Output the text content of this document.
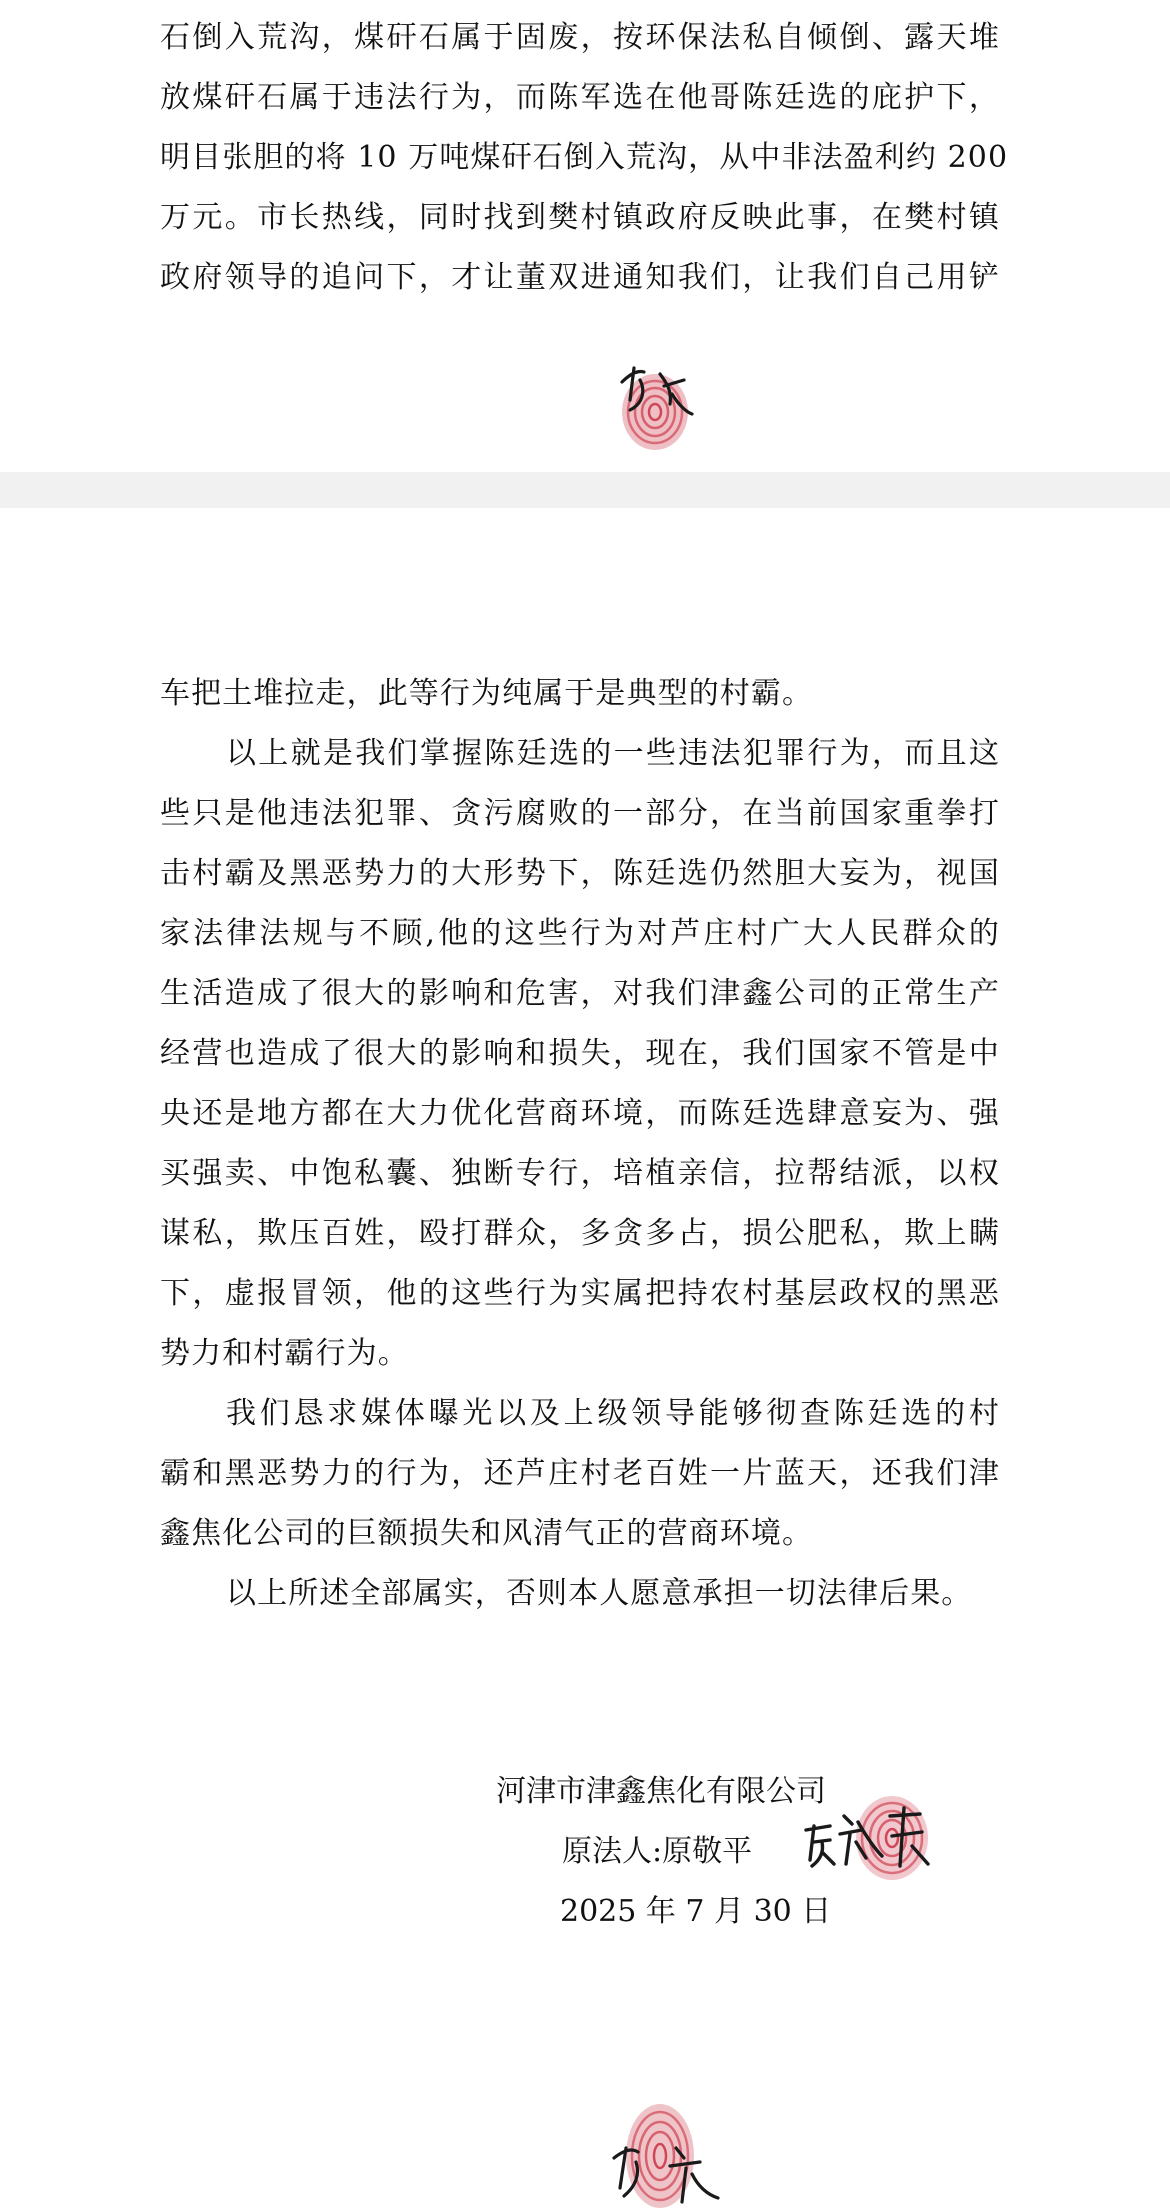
石倒入荒沟，煤矸石属于固废，按环保法私自倾倒、露天堆
放煤矸石属于违法行为，而陈军选在他哥陈廷选的庇护下，
明目张胆的将 10 万吨煤矸石倒入荒沟，从中非法盈利约 200
万元。市长热线，同时找到樊村镇政府反映此事，在樊村镇
政府领导的追问下，才让董双进通知我们，让我们自己用铲
车把土堆拉走，此等行为纯属于是典型的村霸。
以上就是我们掌握陈廷选的一些违法犯罪行为，而且这
些只是他违法犯罪、贪污腐败的一部分，在当前国家重拳打
击村霸及黑恶势力的大形势下，陈廷选仍然胆大妄为，视国
家法律法规与不顾,他的这些行为对芦庄村广大人民群众的
生活造成了很大的影响和危害，对我们津鑫公司的正常生产
经营也造成了很大的影响和损失，现在，我们国家不管是中
央还是地方都在大力优化营商环境，而陈廷选肆意妄为、强
买强卖、中饱私囊、独断专行，培植亲信，拉帮结派，以权
谋私，欺压百姓，殴打群众，多贪多占，损公肥私，欺上瞒
下，虚报冒领，他的这些行为实属把持农村基层政权的黑恶
势力和村霸行为。
我们恳求媒体曝光以及上级领导能够彻查陈廷选的村
霸和黑恶势力的行为，还芦庄村老百姓一片蓝天，还我们津
鑫焦化公司的巨额损失和风清气正的营商环境。
以上所述全部属实，否则本人愿意承担一切法律后果。
河津市津鑫焦化有限公司
原法人:原敬平
2025 年 7 月 30 日
